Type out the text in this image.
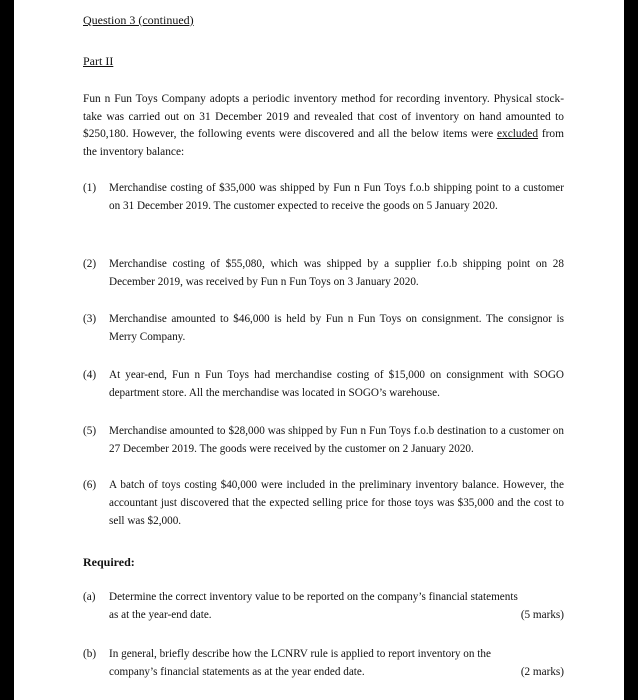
Question 3 (continued)
Part II
Fun n Fun Toys Company adopts a periodic inventory method for recording inventory. Physical stock-take was carried out on 31 December 2019 and revealed that cost of inventory on hand amounted to $250,180. However, the following events were discovered and all the below items were excluded from the inventory balance:
(1)	Merchandise costing of $35,000 was shipped by Fun n Fun Toys f.o.b shipping point to a customer on 31 December 2019. The customer expected to receive the goods on 5 January 2020.
(2)	Merchandise costing of $55,080, which was shipped by a supplier f.o.b shipping point on 28 December 2019, was received by Fun n Fun Toys on 3 January 2020.
(3)	Merchandise amounted to $46,000 is held by Fun n Fun Toys on consignment. The consignor is Merry Company.
(4)	At year-end, Fun n Fun Toys had merchandise costing of $15,000 on consignment with SOGO department store. All the merchandise was located in SOGO’s warehouse.
(5)	Merchandise amounted to $28,000 was shipped by Fun n Fun Toys f.o.b destination to a customer on 27 December 2019. The goods were received by the customer on 2 January 2020.
(6)	A batch of toys costing $40,000 were included in the preliminary inventory balance. However, the accountant just discovered that the expected selling price for those toys was $35,000 and the cost to sell was $2,000.
Required:
(a)	Determine the correct inventory value to be reported on the company’s financial statements
as at the year-end date.	(5 marks)
(b)	In general, briefly describe how the LCNRV rule is applied to report inventory on the
company’s financial statements as at the year ended date.	(2 marks)
